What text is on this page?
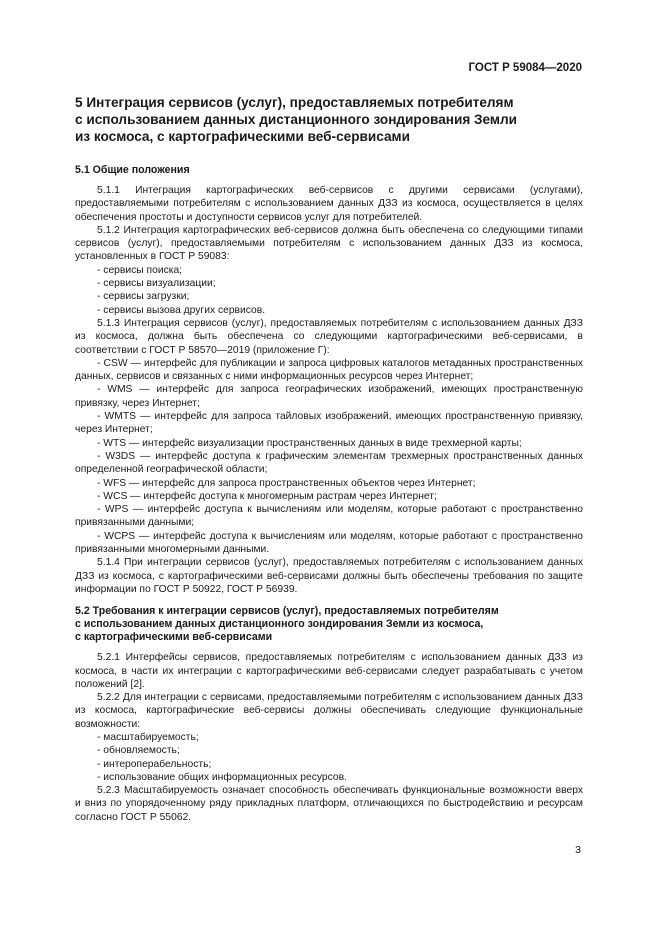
ГОСТ Р 59084—2020
5 Интеграция сервисов (услуг), предоставляемых потребителям
с использованием данных дистанционного зондирования Земли
из космоса, с картографическими веб-сервисами
5.1 Общие положения
5.1.1 Интеграция картографических веб-сервисов с другими сервисами (услугами), предоставляемыми потребителям с использованием данных ДЗЗ из космоса, осуществляется в целях обеспечения простоты и доступности сервисов услуг для потребителей.
5.1.2 Интеграция картографических веб-сервисов должна быть обеспечена со следующими типами сервисов (услуг), предоставляемыми потребителям с использованием данных ДЗЗ из космоса, установленных в ГОСТ Р 59083:
- сервисы поиска;
- сервисы визуализации;
- сервисы загрузки;
- сервисы вызова других сервисов.
5.1.3 Интеграция сервисов (услуг), предоставляемых потребителям с использованием данных ДЗЗ из космоса, должна быть обеспечена со следующими картографическими веб-сервисами, в соответствии с ГОСТ Р 58570—2019 (приложение Г):
- CSW — интерфейс для публикации и запроса цифровых каталогов метаданных пространственных данных, сервисов и связанных с ними информационных ресурсов через Интернет;
- WMS — интерфейс для запроса географических изображений, имеющих пространственную привязку, через Интернет;
- WMTS — интерфейс для запроса тайловых изображений, имеющих пространственную привязку, через Интернет;
- WTS — интерфейс визуализации пространственных данных в виде трехмерной карты;
- W3DS — интерфейс доступа к графическим элементам трехмерных пространственных данных определенной географической области;
- WFS — интерфейс для запроса пространственных объектов через Интернет;
- WCS — интерфейс доступа к многомерным растрам через Интернет;
- WPS — интерфейс доступа к вычислениям или моделям, которые работают с пространственно привязанными данными;
- WCPS — интерфейс доступа к вычислениям или моделям, которые работают с пространственно привязанными многомерными данными.
5.1.4 При интеграции сервисов (услуг), предоставляемых потребителям с использованием данных ДЗЗ из космоса, с картографическими веб-сервисами должны быть обеспечены требования по защите информации по ГОСТ Р 50922, ГОСТ Р 56939.
5.2 Требования к интеграции сервисов (услуг), предоставляемых потребителям
с использованием данных дистанционного зондирования Земли из космоса,
с картографическими веб-сервисами
5.2.1 Интерфейсы сервисов, предоставляемых потребителям с использованием данных ДЗЗ из космоса, в части их интеграции с картографическими веб-сервисами следует разрабатывать с учетом положений [2].
5.2.2 Для интеграции с сервисами, предоставляемыми потребителям с использованием данных ДЗЗ из космоса, картографические веб-сервисы должны обеспечивать следующие функциональные возможности:
- масштабируемость;
- обновляемость;
- интероперабельность;
- использование общих информационных ресурсов.
5.2.3 Масштабируемость означает способность обеспечивать функциональные возможности вверх и вниз по упорядоченному ряду прикладных платформ, отличающихся по быстродействию и ресурсам согласно ГОСТ Р 55062.
3
